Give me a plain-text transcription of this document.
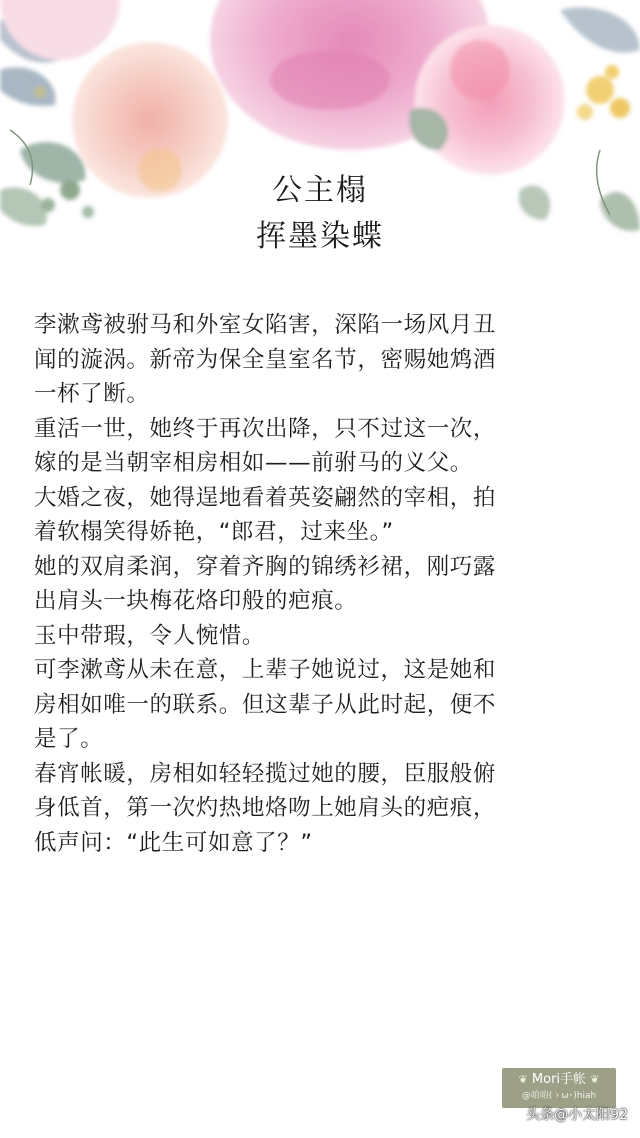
公主榻
挥墨染蝶
李漱鸢被驸马和外室女陷害，深陷一场风月丑
闻的漩涡。新帝为保全皇室名节，密赐她鸩酒
一杯了断。
重活一世，她终于再次出降，只不过这一次，
嫁的是当朝宰相房相如——前驸马的义父。
大婚之夜，她得逞地看着英姿翩然的宰相，拍
着软榻笑得娇艳，“郎君，过来坐。”
她的双肩柔润，穿着齐胸的锦绣衫裙，刚巧露
出肩头一块梅花烙印般的疤痕。
玉中带瑕，令人惋惜。
可李漱鸢从未在意，上辈子她说过，这是她和
房相如唯一的联系。但这辈子从此时起，便不
是了。
春宵帐暖，房相如轻轻揽过她的腰，臣服般俯
身低首，第一次灼热地烙吻上她肩头的疤痕，
低声问：“此生可如意了？”
❦ Mori手帐 ❦
@咱咱(ゝω･)hiah
头条@小太阳92
